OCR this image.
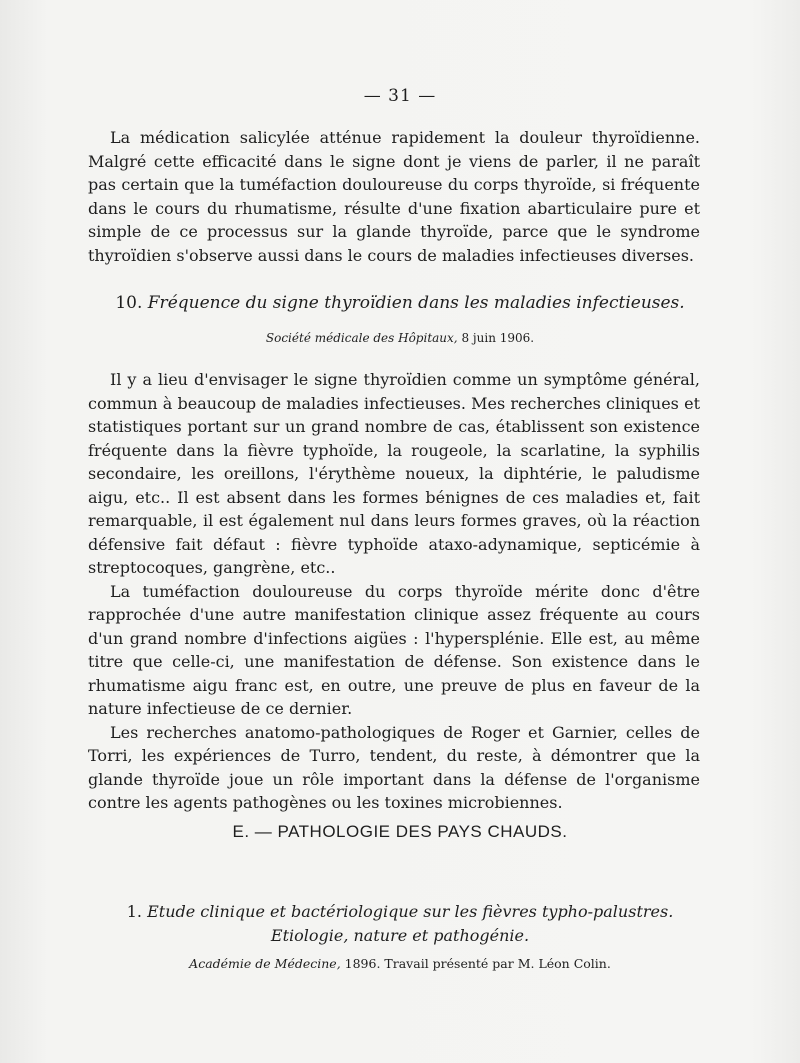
— 31 —

La médication salicylée atténue rapidement la douleur thyroïdienne. Malgré cette efficacité dans le signe dont je viens de parler, il ne paraît pas certain que la tuméfaction douloureuse du corps thyroïde, si fréquente dans le cours du rhumatisme, résulte d'une fixation abarticulaire pure et simple de ce processus sur la glande thyroïde, parce que le syndrome thyroïdien s'observe aussi dans le cours de maladies infectieuses diverses.

10. Fréquence du signe thyroïdien dans les maladies infectieuses.
Société médicale des Hôpitaux, 8 juin 1906.

Il y a lieu d'envisager le signe thyroïdien comme un symptôme général, commun à beaucoup de maladies infectieuses. Mes recherches cliniques et statistiques portant sur un grand nombre de cas, établissent son existence fréquente dans la fièvre typhoïde, la rougeole, la scarlatine, la syphilis secondaire, les oreillons, l'érythème noueux, la diphtérie, le paludisme aigu, etc.. Il est absent dans les formes bénignes de ces maladies et, fait remarquable, il est également nul dans leurs formes graves, où la réaction défensive fait défaut : fièvre typhoïde ataxo-adynamique, septicémie à streptocoques, gangrène, etc..

La tuméfaction douloureuse du corps thyroïde mérite donc d'être rapprochée d'une autre manifestation clinique assez fréquente au cours d'un grand nombre d'infections aigües : l'hypersplénie. Elle est, au même titre que celle-ci, une manifestation de défense. Son existence dans le rhumatisme aigu franc est, en outre, une preuve de plus en faveur de la nature infectieuse de ce dernier.

Les recherches anatomo-pathologiques de Roger et Garnier, celles de Torri, les expériences de Turro, tendent, du reste, à démontrer que la glande thyroïde joue un rôle important dans la défense de l'organisme contre les agents pathogènes ou les toxines microbiennes.

E. — PATHOLOGIE DES PAYS CHAUDS.
1. Etude clinique et bactériologique sur les fièvres typho-palustres. Etiologie, nature et pathogénie.
Académie de Médecine, 1896. Travail présenté par M. Léon Colin.
